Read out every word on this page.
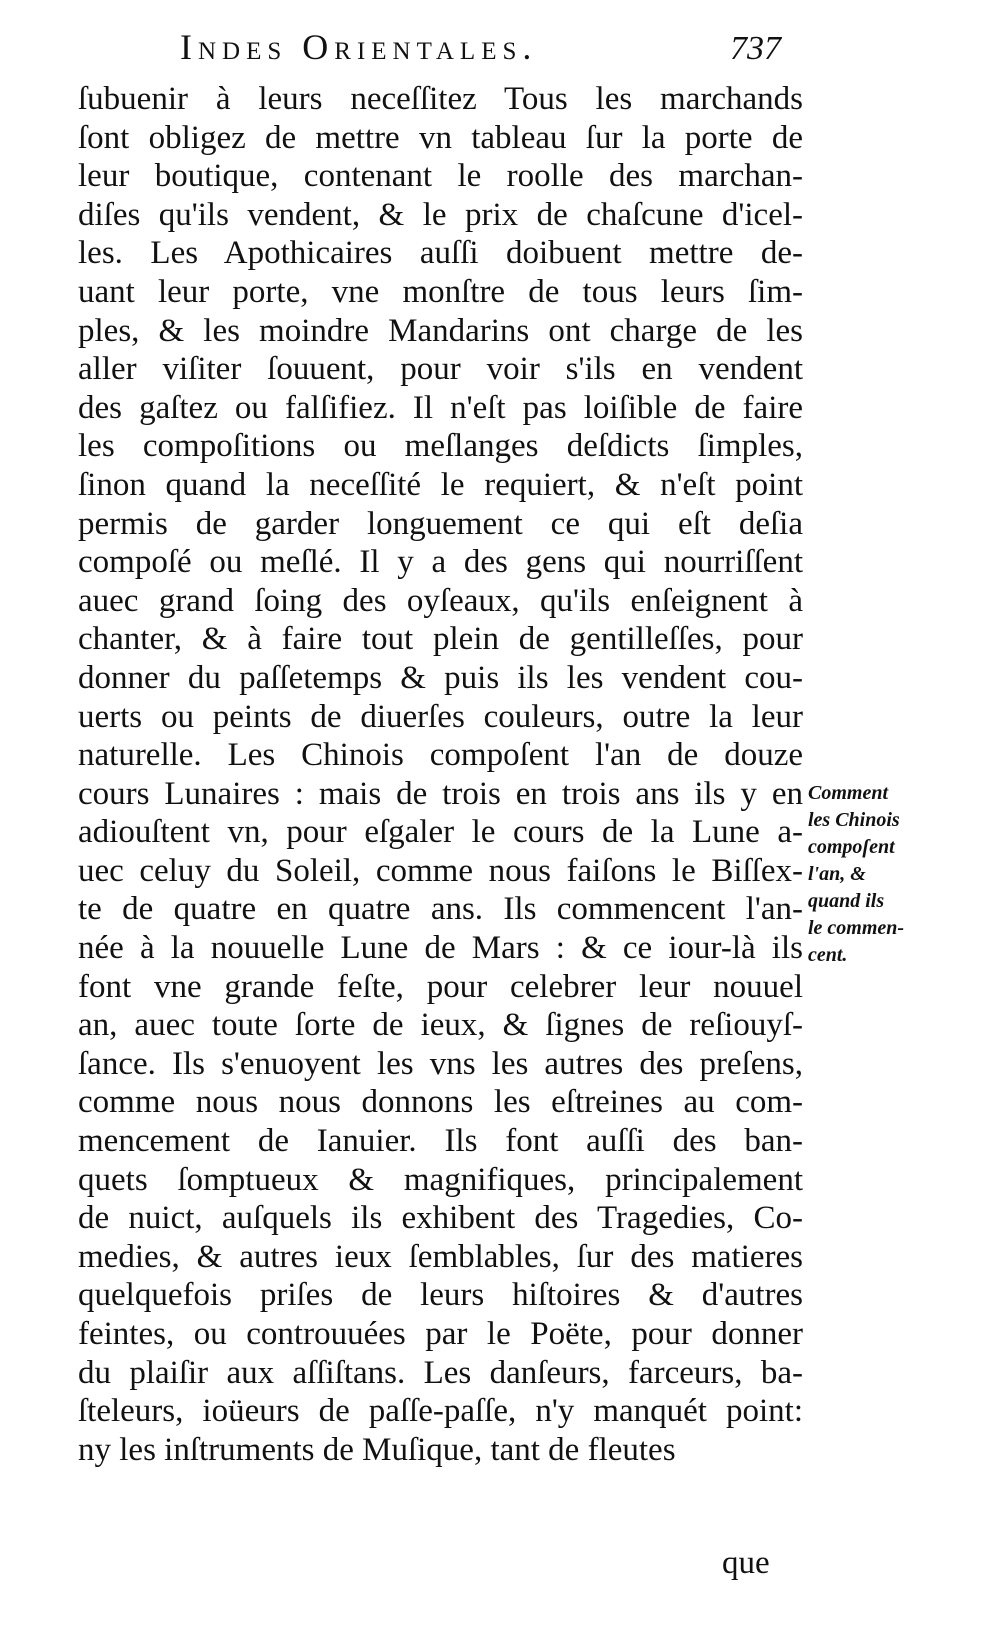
Indes Orientales.	737
ſubuenir à leurs neceſſitez Tous les marchands
ſont obligez de mettre vn tableau ſur la porte de
leur boutique, contenant le roolle des marchan-
diſes qu'ils vendent, & le prix de chaſcune d'icel-
les. Les Apothicaires auſſi doibuent mettre de-
uant leur porte, vne monſtre de tous leurs ſim-
ples, & les moindre Mandarins ont charge de les
aller viſiter ſouuent, pour voir s'ils en vendent
des gaſtez ou falſifiez. Il n'eſt pas loiſible de faire
les compoſitions ou meſlanges deſdicts ſimples,
ſinon quand la neceſſité le requiert, & n'eſt point
permis de garder longuement ce qui eſt deſia
compoſé ou meſlé. Il y a des gens qui nourriſſent
auec grand ſoing des oyſeaux, qu'ils enſeignent à
chanter, & à faire tout plein de gentilleſſes, pour
donner du paſſetemps & puis ils les vendent cou-
uerts ou peints de diuerſes couleurs, outre la leur
naturelle. Les Chinois compoſent l'an de douze
cours Lunaires : mais de trois en trois ans ils y en
adiouſtent vn, pour eſgaler le cours de la Lune a-
uec celuy du Soleil, comme nous faiſons le Biſſex-
te de quatre en quatre ans. Ils commencent l'an-
née à la nouuelle Lune de Mars : & ce iour-là ils
font vne grande feſte, pour celebrer leur nouuel
an, auec toute ſorte de ieux, & ſignes de reſiouyſ-
ſance. Ils s'enuoyent les vns les autres des preſens,
comme nous nous donnons les eſtreines au com-
mencement de Ianuier. Ils font auſſi des ban-
quets ſomptueux & magnifiques, principalement
de nuict, auſquels ils exhibent des Tragedies, Co-
medies, & autres ieux ſemblables, ſur des matieres
quelquefois priſes de leurs hiſtoires & d'autres
feintes, ou controuuées par le Poëte, pour donner
du plaiſir aux aſſiſtans. Les danſeurs, farceurs, ba-
ſteleurs, ioüeurs de paſſe-paſſe, n'y manquét point:
ny les inſtruments de Muſique, tant de fleutes
que
Comment
les Chinois
compoſent
l'an, &
quand ils
le commen-
cent.
